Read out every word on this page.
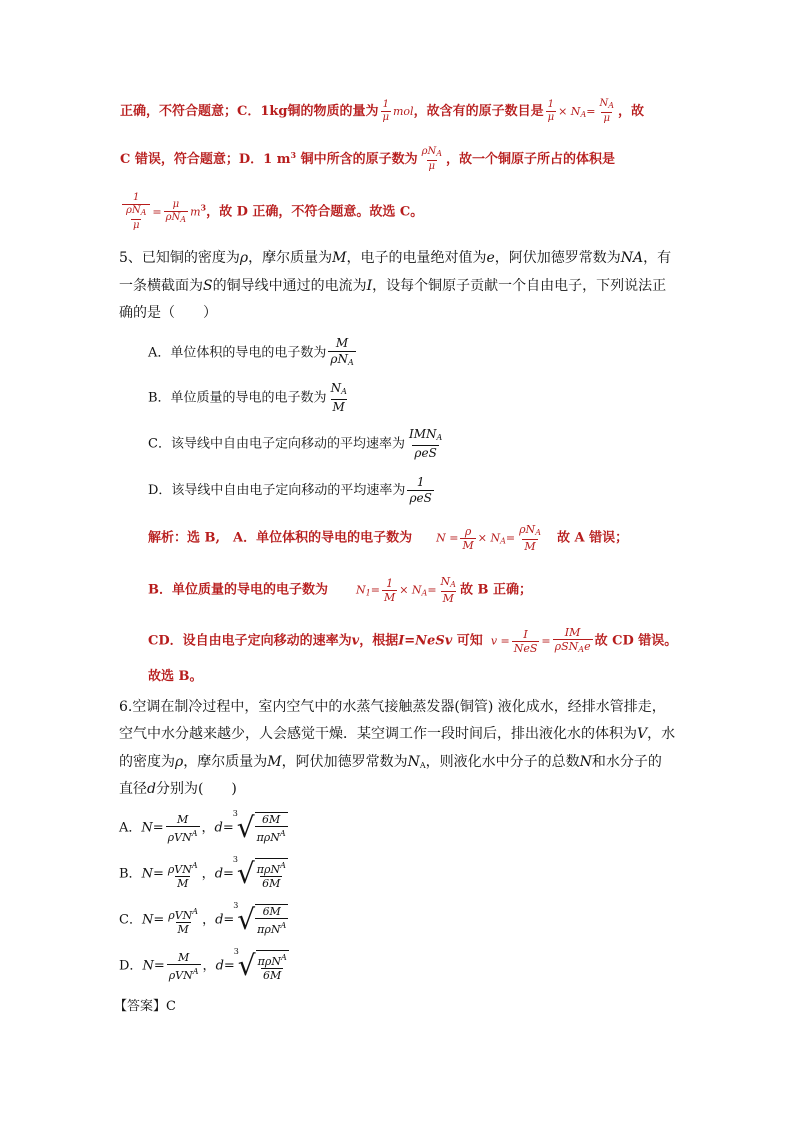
正确，不符合题意；C．1kg铜的物质的量为 $\frac{1}{\mu}$ mol，故含有的原子数目是 $\frac{1}{\mu} \times N_A= \frac{N_A}{\mu}$ ，故
C 错误，符合题意；D．1 $m^3$ 铜中所含的原子数为
$\rho N_A$
μ ，故一个铜原子所占的体积是
1
$\rho N_A$
μ
=
μ
$\rho N_A$
$m^3$，故 D 正确，不符合题意。故选 C。
5、已知铜的密度为ρ，摩尔质量为M，电子的电量绝对值为e，阿伏加德罗常数为NA，有
一条横截面为S的铜导线中通过的电流为I，设每个铜原子贡献一个自由电子，下列说法正
确的是（　　）
A．单位体积的导电的电子数为
M
$\rho N_A$
B．单位质量的导电的电子数为 $\frac{N_A}{M}$
C．该导线中自由电子定向移动的平均速率为
$IMN_A$
ρeS
D．该导线中自由电子定向移动的平均速率为
1
ρeS
解析：选 B,　A．单位体积的导电的电子数为 $N = \frac{\rho}{M} \times N_A=$
$\rho N_A$
M
故 A 错误；
B．单位质量的导电的电子数为	$N_1= \frac{1}{M} \times N_A= \frac{N_A}{M}$ 故 B 正确；
CD．设自由电子定向移动的速率为v，根据I=NeSv 可知 v =
I
NeS
=
IM
ρSN$_A$e 故 CD 错误。
故选 B。
6.空调在制冷过程中，室内空气中的水蒸气接触蒸发器(铜管) 液化成水，经排水管排走，
空气中水分越来越少，人会感觉干燥．某空调工作一段时间后，排出液化水的体积为V，水
的密度为ρ，摩尔质量为M，阿伏加德罗常数为$N_A$，则液化水中分子的总数N和水分子的
直径d分别为(　　)
A．N=
M
ρVN$^A$ ，d=
3
√ 6M
πρN$^A$
B．N= ρVN$^A$
M
，d=
3
√ πρN$^A$
6M
C．N= ρVN$^A$
M
，d=
3
√ 6M
πρN$^A$
D．N=
M
ρVN$^A$ ，d=
3
√ πρN$^A$
6M
【答案】C
